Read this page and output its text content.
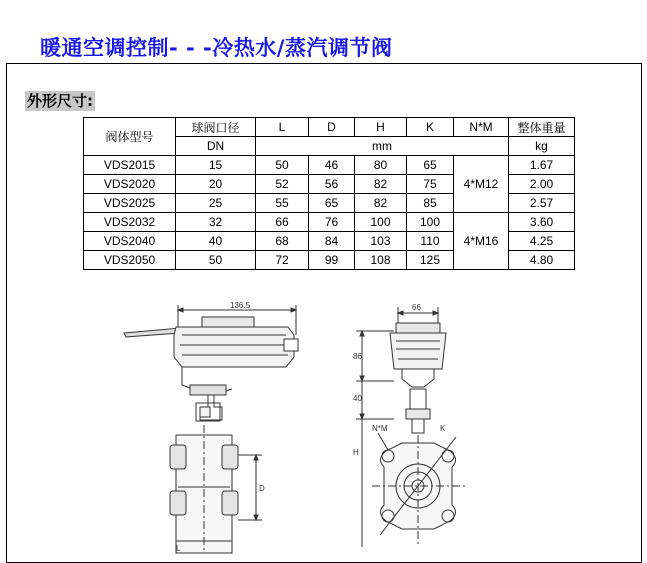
暖通空调控制- - -冷热水/蒸汽调节阀
外形尺寸:
阀体型号	球阀口径	L	D	H	K	N*M	整体重量
	DN	mm					kg
VDS2015	15	50	46	80	65	4*M12	1.67
VDS2020	20	52	56	82	75		2.00
VDS2025	25	55	65	82	85		2.57
VDS2032	32	66	76	100	100	4*M16	3.60
VDS2040	40	68	84	103	110		4.25
VDS2050	50	72	99	108	125		4.80
136.5
D
L
66
86
40
H
N*M	K
